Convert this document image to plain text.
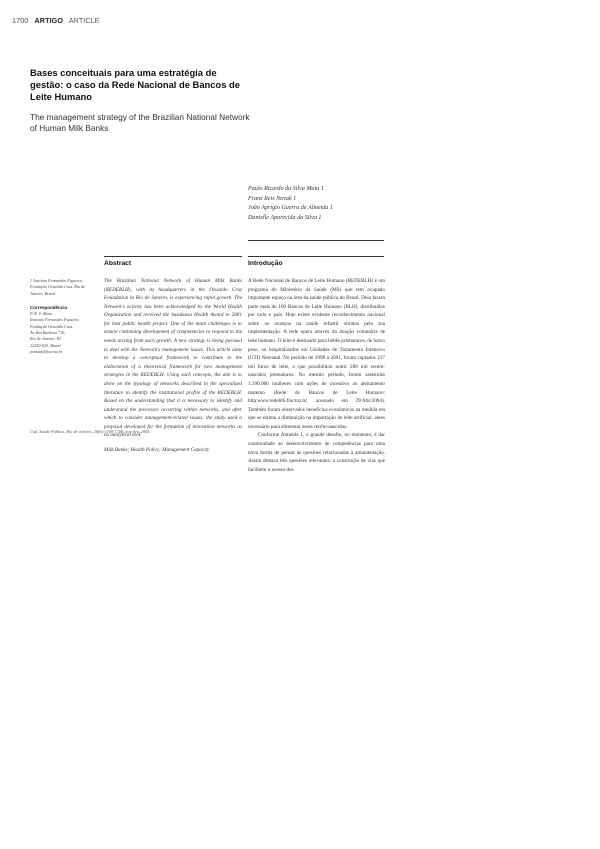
1700 ARTIGO ARTICLE
Bases conceituais para uma estratégia de gestão: o caso da Rede Nacional de Bancos de Leite Humano
The management strategy of the Brazilian National Network of Human Milk Banks
Paulo Ricardo da Silva Maia 1
Franz Reis Novak 1
João Aprígio Guerra de Almeida 1
Danielle Aparecida da Silva 1
Abstract	Introdução

1 Instituto Fernandes Figueira, Fundação Oswaldo Cruz, Rio de Janeiro, Brasil.

Correspondência

P. R. S. Maia

Instituto Fernandes Figueira,

Fundação Oswaldo Cruz.

Av. Rui Barbosa 716,

Rio de Janeiro, RJ

22250-020, Brasil.

prmaia@fiocruz.br

The Brazilian National Network of Human Milk Banks (REDEBLH), with its headquarters in the Oswaldo Cruz Foundation in Rio de Janeiro, is experiencing rapid growth. The Network's activity has been acknowledged by the World Health Organization and received the Sasakawa Health Award in 2001 for best public health project. One of the main challenges is to ensure continuing development of competencies to respond to the needs arising from such growth. A new strategy is being pursued to deal with the Network's management issues. This article aims to develop a conceptual framework to contribute to the elaboration of a theoretical framework for new management strategies in the REDEBLH. Using such concepts, the aim is to draw on the typology of networks described in the specialized literature to identify the institutional profile of the REDEBLH. Based on the understanding that it is necessary to identify and understand the processes occurring within networks, and after which to consider management-related issues, the study used a proposal developed for the formation of innovation networks as its analytical tool.

Milk Banks; Health Policy; Management Capacity

A Rede Nacional de Bancos de Leite Humano (REDEBLH) é um programa do Ministério da Saúde (MS) que tem ocupado importante espaço na área da saúde pública do Brasil. Dela fazem parte mais de 160 Bancos de Leite Humano (BLH), distribuídos por todo o país. Hoje existe evidente reconhecimento nacional sobre os avanços na saúde infantil obtidos pela sua implementação. A rede opera através da doação voluntária de leite humano. O leite é destinado para bebês prematuros, de baixo peso, ou hospitalizados em Unidades de Tratamento Intensivo (UTI) Neonatal. No período de 1998 a 2001, foram captados 217 mil litros de leite, o que possibilitou nutrir 288 mil recém-nascidos prematuros. No mesmo período, foram assistidas 1.390.000 mulheres com ações de incentivo ao aleitamento materno (Rede de Bancos de Leite Humano: http:www.redeblh.fiocruz.br, acessado em 29/Abr/2004). Também foram observados benefícios econômicos na medida em que se estima a diminuição na importação de leite artificial, antes necessário para alimentar esses recém-nascidos.

Conforme Almeida 1, o grande desafio, no momento, é dar continuidade ao desenvolvimento de competências para uma nova forma de pensar as questões relacionadas à amamentação. Assim destaca três questões relevantes: a construção de vias que facilitem o acesso dos

Cad. Saúde Pública, Rio de Janeiro, 20(6):1700-1708, nov-dez, 2004
